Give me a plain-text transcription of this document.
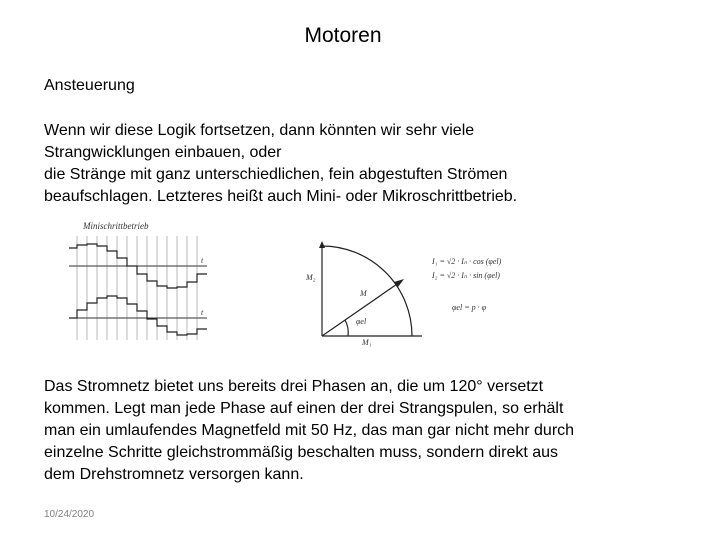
Motoren
Ansteuerung

Wenn wir diese Logik fortsetzen, dann könnten wir sehr viele
Strangwicklungen einbauen, oder
die Stränge mit ganz unterschiedlichen, fein abgestuften Strömen
beaufschlagen. Letzteres heißt auch Mini- oder Mikroschrittbetrieb.

Minischrittbetrieb
t
t
M₂
M
φel
M₁
I₁ = √2 · Iₙ · cos (φel)
I₂ = √2 · Iₙ · sin (φel)
φel = p · φ

Das Stromnetz bietet uns bereits drei Phasen an, die um 120° versetzt
kommen. Legt man jede Phase auf einen der drei Strangspulen, so erhält
man ein umlaufendes Magnetfeld mit 50 Hz, das man gar nicht mehr durch
einzelne Schritte gleichstrommäßig beschalten muss, sondern direkt aus
dem Drehstromnetz versorgen kann.

10/24/2020
